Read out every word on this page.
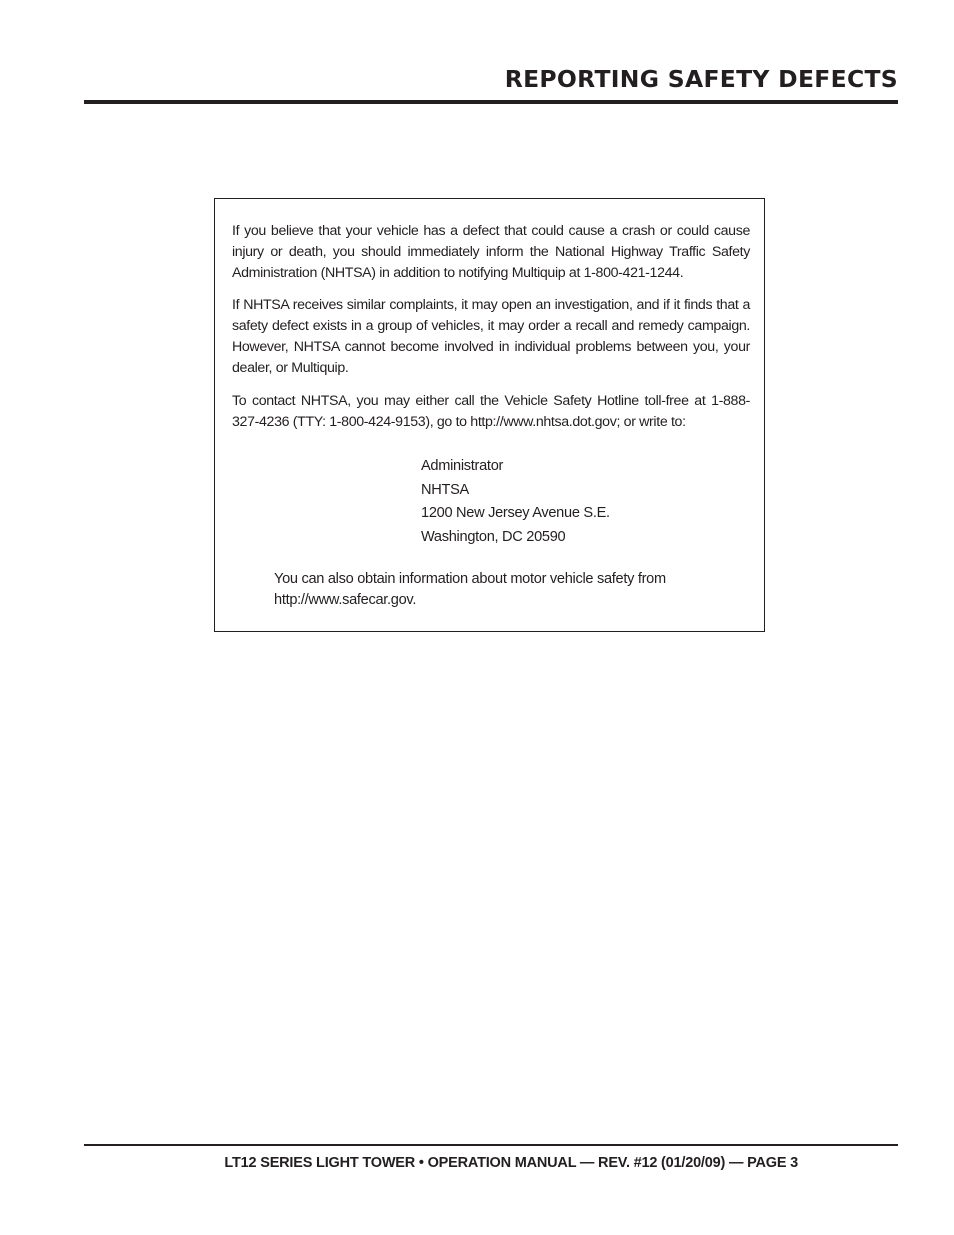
REPORTING SAFETY DEFECTS

If you believe that your vehicle has a defect that could cause a crash or could cause injury or death, you should immediately inform the National Highway Traffic Safety Administration (NHTSA) in addition to notifying Multiquip at 1-800-421-1244.

If NHTSA receives similar complaints, it may open an investigation, and if it finds that a safety defect exists in a group of vehicles, it may order a recall and remedy campaign. However, NHTSA cannot become involved in individual problems between you, your dealer, or Multiquip.

To contact NHTSA, you may either call the Vehicle Safety Hotline toll-free at 1-888-327-4236 (TTY: 1-800-424-9153), go to http://www.nhtsa.dot.gov; or write to:

Administrator
NHTSA
1200 New Jersey Avenue S.E.
Washington, DC 20590
You can also obtain information about motor vehicle safety from
http://www.safecar.gov.
LT12 SERIES LIGHT TOWER • OPERATION MANUAL — REV. #12 (01/20/09) — PAGE 3
